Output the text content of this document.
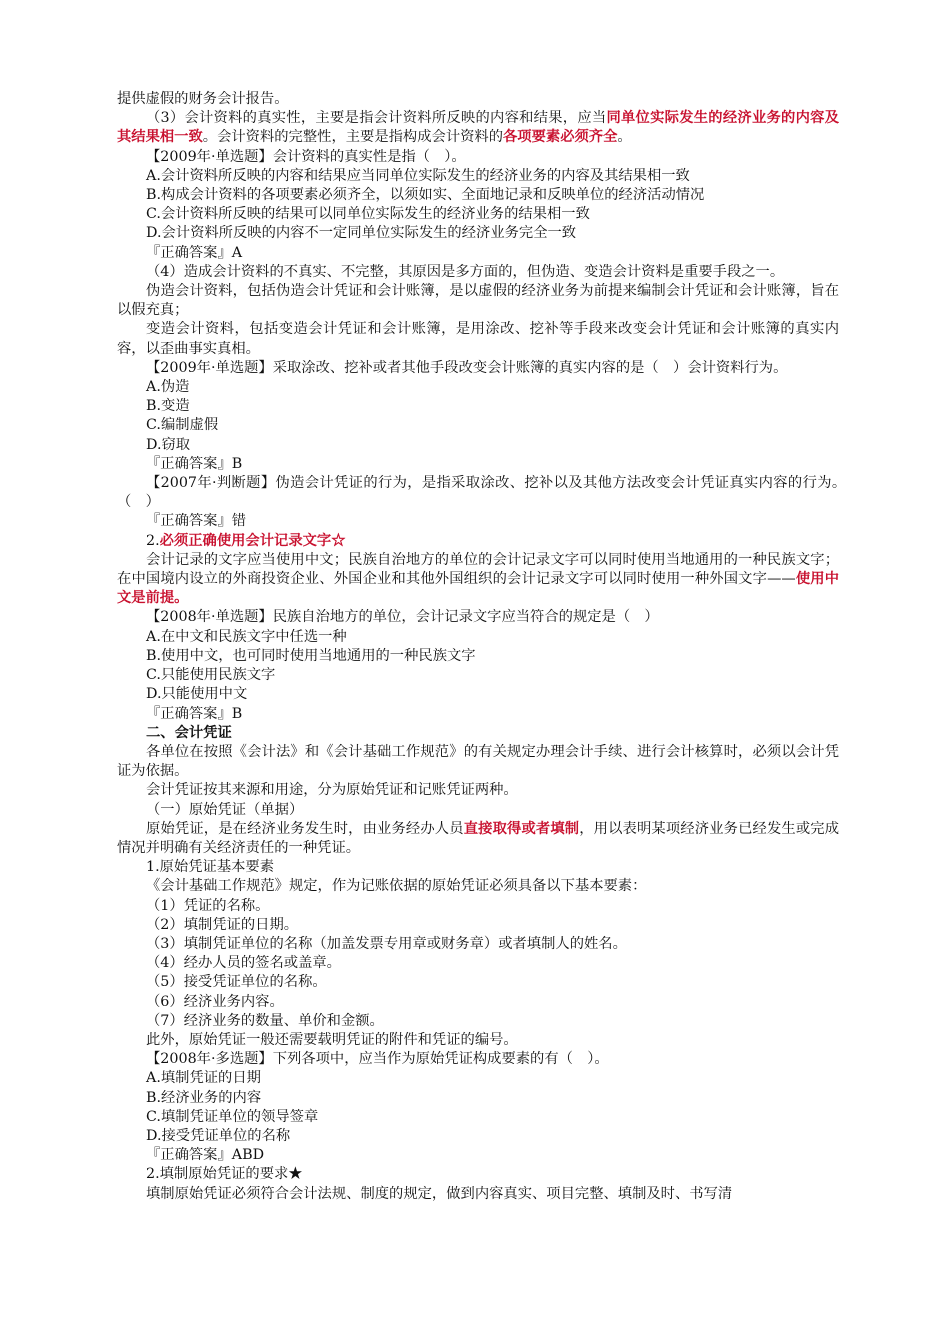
提供虚假的财务会计报告。

（3）会计资料的真实性，主要是指会计资料所反映的内容和结果，应当同单位实际发生的经济业务的内容及其结果相一致。会计资料的完整性，主要是指构成会计资料的各项要素必须齐全。

【2009年·单选题】会计资料的真实性是指（　）。

A.会计资料所反映的内容和结果应当同单位实际发生的经济业务的内容及其结果相一致

B.构成会计资料的各项要素必须齐全，以须如实、全面地记录和反映单位的经济活动情况

C.会计资料所反映的结果可以同单位实际发生的经济业务的结果相一致

D.会计资料所反映的内容不一定同单位实际发生的经济业务完全一致

『正确答案』A

（4）造成会计资料的不真实、不完整，其原因是多方面的，但伪造、变造会计资料是重要手段之一。

伪造会计资料，包括伪造会计凭证和会计账簿，是以虚假的经济业务为前提来编制会计凭证和会计账簿，旨在以假充真；

变造会计资料，包括变造会计凭证和会计账簿，是用涂改、挖补等手段来改变会计凭证和会计账簿的真实内容，以歪曲事实真相。

【2009年·单选题】采取涂改、挖补或者其他手段改变会计账簿的真实内容的是（　）会计资料行为。

A.伪造

B.变造

C.编制虚假

D.窃取

『正确答案』B

【2007年·判断题】伪造会计凭证的行为，是指采取涂改、挖补以及其他方法改变会计凭证真实内容的行为。　（　）

『正确答案』错

2.必须正确使用会计记录文字☆

会计记录的文字应当使用中文；民族自治地方的单位的会计记录文字可以同时使用当地通用的一种民族文字；在中国境内设立的外商投资企业、外国企业和其他外国组织的会计记录文字可以同时使用一种外国文字——使用中文是前提。

【2008年·单选题】民族自治地方的单位，会计记录文字应当符合的规定是（　）

A.在中文和民族文字中任选一种

B.使用中文，也可同时使用当地通用的一种民族文字

C.只能使用民族文字

D.只能使用中文

『正确答案』B

二、会计凭证

各单位在按照《会计法》和《会计基础工作规范》的有关规定办理会计手续、进行会计核算时，必须以会计凭证为依据。

会计凭证按其来源和用途，分为原始凭证和记账凭证两种。

（一）原始凭证（单据）

原始凭证，是在经济业务发生时，由业务经办人员直接取得或者填制，用以表明某项经济业务已经发生或完成情况并明确有关经济责任的一种凭证。

1.原始凭证基本要素

《会计基础工作规范》规定，作为记账依据的原始凭证必须具备以下基本要素：

（1）凭证的名称。

（2）填制凭证的日期。

（3）填制凭证单位的名称（加盖发票专用章或财务章）或者填制人的姓名。

（4）经办人员的签名或盖章。

（5）接受凭证单位的名称。

（6）经济业务内容。

（7）经济业务的数量、单价和金额。

此外，原始凭证一般还需要载明凭证的附件和凭证的编号。

【2008年·多选题】下列各项中，应当作为原始凭证构成要素的有（　）。

A.填制凭证的日期

B.经济业务的内容

C.填制凭证单位的领导签章

D.接受凭证单位的名称

『正确答案』ABD

2.填制原始凭证的要求★

填制原始凭证必须符合会计法规、制度的规定，做到内容真实、项目完整、填制及时、书写清
